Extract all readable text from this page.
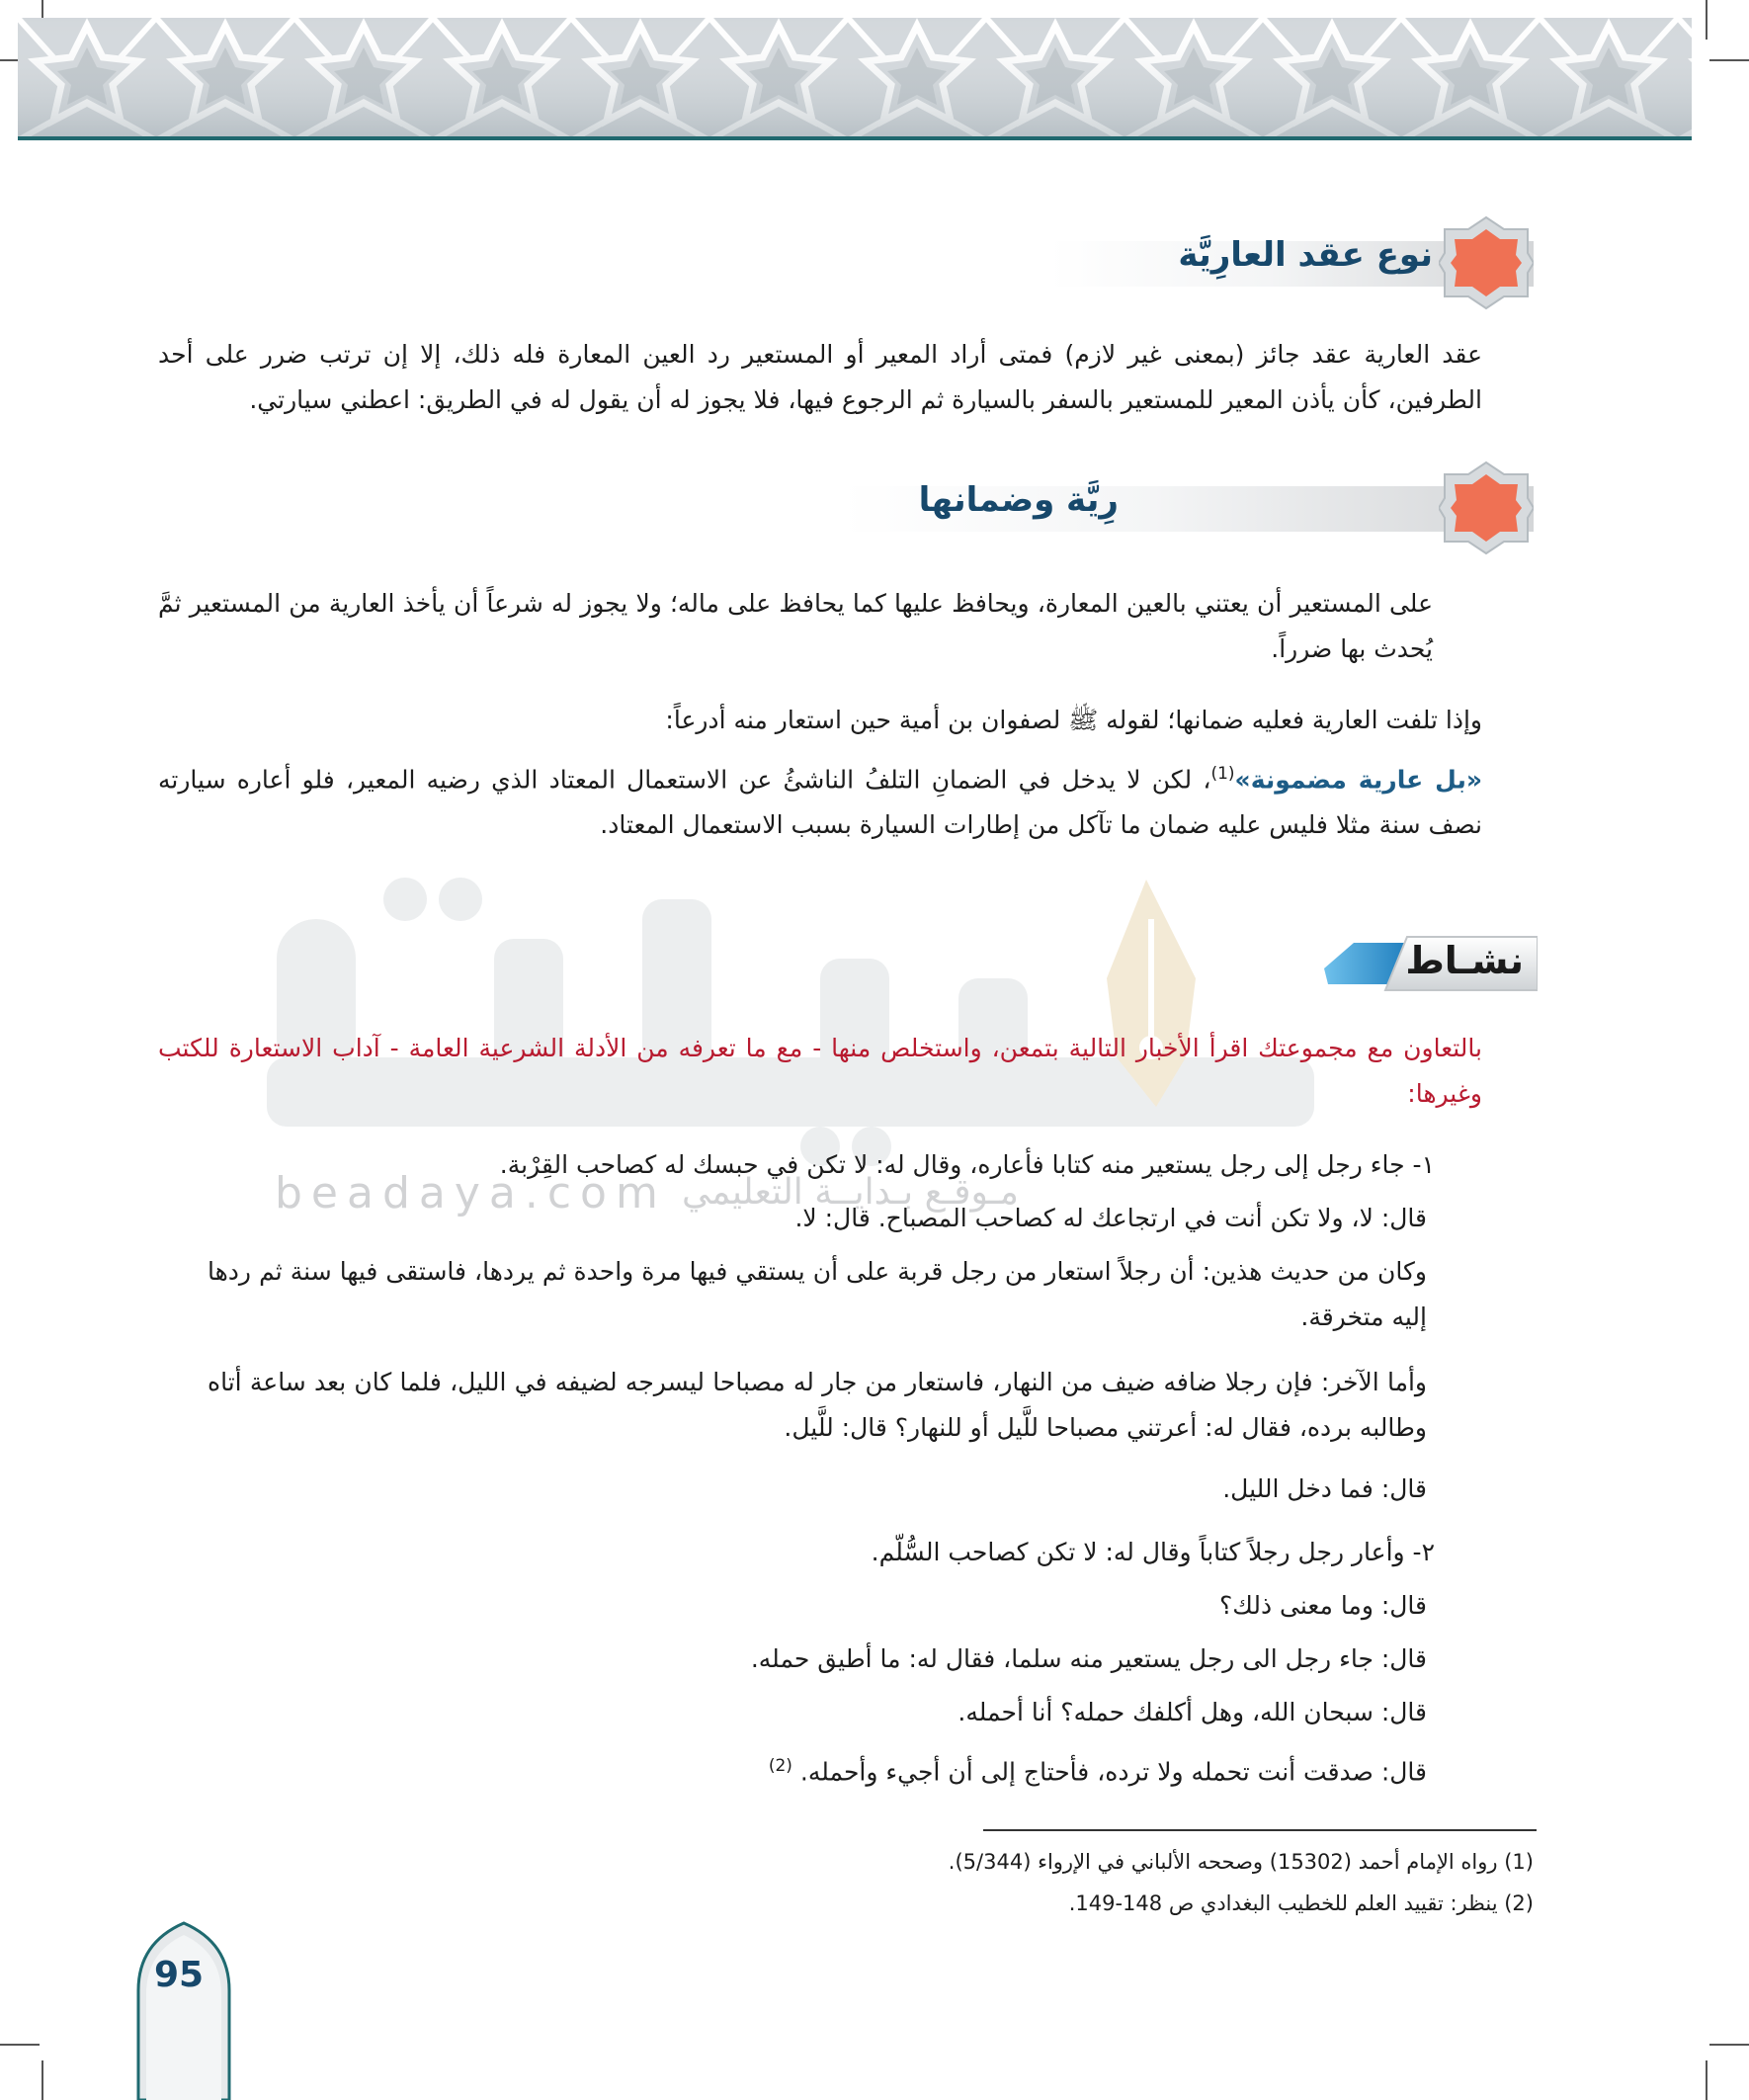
نوع عقد العارِيَّة
عقد العارية عقد جائز (بمعنى غير لازم) فمتى أراد المعير أو المستعير رد العين المعارة فله ذلك، إلا إن ترتب ضرر على أحد الطرفين، كأن يأذن المعير للمستعير بالسفر بالسيارة ثم الرجوع فيها، فلا يجوز له أن يقول له في الطريق: اعطني سيارتي.
رِيَّة وضمانها
على المستعير أن يعتني بالعين المعارة، ويحافظ عليها كما يحافظ على ماله؛ ولا يجوز له شرعاً أن يأخذ العارية من المستعير ثمَّ يُحدث بها ضرراً.
وإذا تلفت العارية فعليه ضمانها؛ لقوله ﷺ لصفوان بن أمية حين استعار منه أدرعاً:
«بل عارية مضمونة»$^{(1)}$، لكن لا يدخل في الضمانِ التلفُ الناشئُ عن الاستعمال المعتاد الذي رضيه المعير، فلو أعاره سيارته نصف سنة مثلا فليس عليه ضمان ما تآكل من إطارات السيارة بسبب الاستعمال المعتاد.
beadaya.com مـوقـع بـدايــة التعليمي
نشـاط
بالتعاون مع مجموعتك اقرأ الأخبار التالية بتمعن، واستخلص منها - مع ما تعرفه من الأدلة الشرعية العامة - آداب الاستعارة للكتب وغيرها:
١- جاء رجل إلى رجل يستعير منه كتابا فأعاره، وقال له: لا تكن في حبسك له كصاحب القِرْبة.
قال: لا، ولا تكن أنت في ارتجاعك له كصاحب المصباح. قال: لا.
وكان من حديث هذين: أن رجلاً استعار من رجل قربة على أن يستقي فيها مرة واحدة ثم يردها، فاستقى فيها سنة ثم ردها إليه متخرقة.
وأما الآخر: فإن رجلا ضافه ضيف من النهار، فاستعار من جار له مصباحا ليسرجه لضيفه في الليل، فلما كان بعد ساعة أتاه وطالبه برده، فقال له: أعرتني مصباحا للَّيل أو للنهار؟ قال: للَّيل.
قال: فما دخل الليل.
٢- وأعار رجل رجلاً كتاباً وقال له: لا تكن كصاحب السُّلّم.
قال: وما معنى ذلك؟
قال: جاء رجل الى رجل يستعير منه سلما، فقال له: ما أطيق حمله.
قال: سبحان الله، وهل أكلفك حمله؟ أنا أحمله.
قال: صدقت أنت تحمله ولا ترده، فأحتاج إلى أن أجيء وأحمله. $^{(2)}$
(1) رواه الإمام أحمد (15302) وصححه الألباني في الإرواء (5/344).
(2) ينظر: تقييد العلم للخطيب البغدادي ص 148-149.
95
